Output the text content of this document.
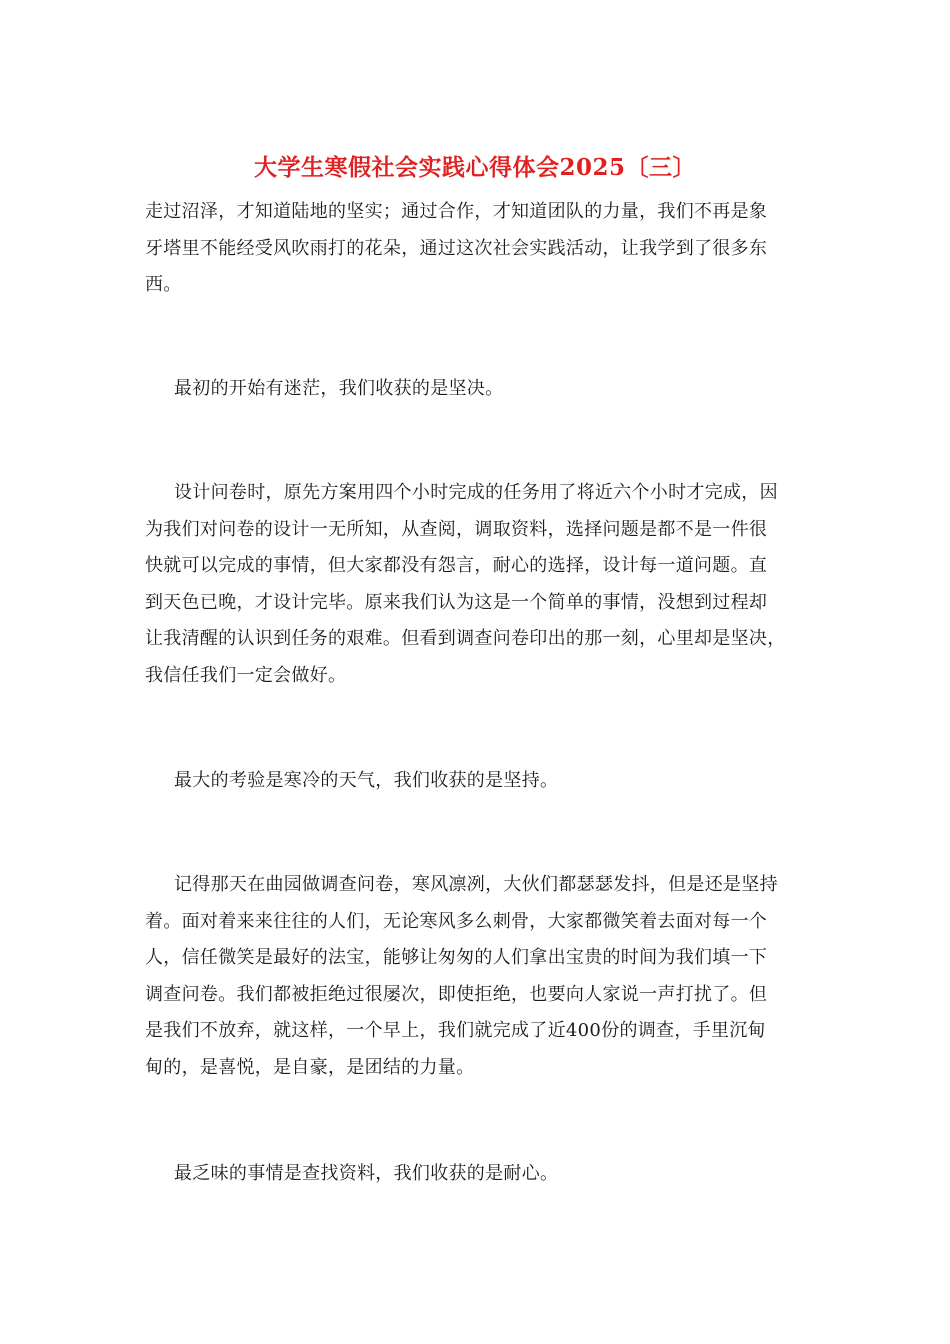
大学生寒假社会实践心得体会2025〔三〕

走过沼泽，才知道陆地的坚实；通过合作，才知道团队的力量，我们不再是象
牙塔里不能经受风吹雨打的花朵，通过这次社会实践活动，让我学到了很多东
西。

最初的开始有迷茫，我们收获的是坚决。

设计问卷时，原先方案用四个小时完成的任务用了将近六个小时才完成，因
为我们对问卷的设计一无所知，从查阅，调取资料，选择问题是都不是一件很
快就可以完成的事情，但大家都没有怨言，耐心的选择，设计每一道问题。直
到天色已晚，才设计完毕。原来我们认为这是一个简单的事情，没想到过程却
让我清醒的认识到任务的艰难。但看到调查问卷印出的那一刻，心里却是坚决，
我信任我们一定会做好。

最大的考验是寒冷的天气，我们收获的是坚持。

记得那天在曲园做调查问卷，寒风凛冽，大伙们都瑟瑟发抖，但是还是坚持
着。面对着来来往往的人们，无论寒风多么刺骨，大家都微笑着去面对每一个
人，信任微笑是最好的法宝，能够让匆匆的人们拿出宝贵的时间为我们填一下
调查问卷。我们都被拒绝过很屡次，即使拒绝，也要向人家说一声打扰了。但
是我们不放弃，就这样，一个早上，我们就完成了近400份的调查，手里沉甸
甸的，是喜悦，是自豪，是团结的力量。

最乏味的事情是查找资料，我们收获的是耐心。
